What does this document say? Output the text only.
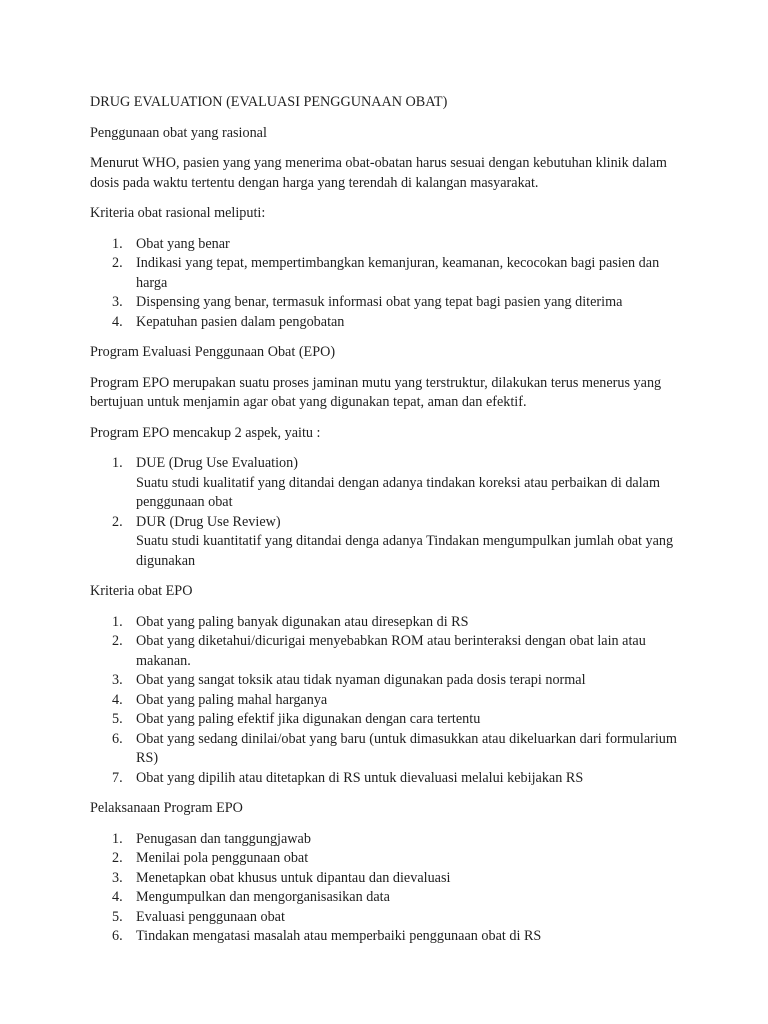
DRUG EVALUATION (EVALUASI PENGGUNAAN OBAT)

Penggunaan obat yang rasional

Menurut WHO, pasien yang yang menerima obat-obatan harus sesuai dengan kebutuhan klinik dalam dosis pada waktu tertentu dengan harga yang terendah di kalangan masyarakat.

Kriteria obat rasional meliputi:

1. Obat yang benar
2. Indikasi yang tepat, mempertimbangkan kemanjuran, keamanan, kecocokan bagi pasien dan harga
3. Dispensing yang benar, termasuk informasi obat yang tepat bagi pasien yang diterima
4. Kepatuhan pasien dalam pengobatan

Program Evaluasi Penggunaan Obat (EPO)

Program EPO merupakan suatu proses jaminan mutu yang terstruktur, dilakukan terus menerus yang bertujuan untuk menjamin agar obat yang digunakan tepat, aman dan efektif.

Program EPO mencakup 2 aspek, yaitu :

1. DUE (Drug Use Evaluation)
Suatu studi kualitatif yang ditandai dengan adanya tindakan koreksi atau perbaikan di dalam penggunaan obat
2. DUR (Drug Use Review)
Suatu studi kuantitatif yang ditandai denga adanya Tindakan mengumpulkan jumlah obat yang digunakan

Kriteria obat EPO

1. Obat yang paling banyak digunakan atau diresepkan di RS
2. Obat yang diketahui/dicurigai menyebabkan ROM atau berinteraksi dengan obat lain atau makanan.
3. Obat yang sangat toksik atau tidak nyaman digunakan pada dosis terapi normal
4. Obat yang paling mahal harganya
5. Obat yang paling efektif jika digunakan dengan cara tertentu
6. Obat yang sedang dinilai/obat yang baru (untuk dimasukkan atau dikeluarkan dari formularium RS)
7. Obat yang dipilih atau ditetapkan di RS untuk dievaluasi melalui kebijakan RS

Pelaksanaan Program EPO

1. Penugasan dan tanggungjawab
2. Menilai pola penggunaan obat
3. Menetapkan obat khusus untuk dipantau dan dievaluasi
4. Mengumpulkan dan mengorganisasikan data
5. Evaluasi penggunaan obat
6. Tindakan mengatasi masalah atau memperbaiki penggunaan obat di RS
